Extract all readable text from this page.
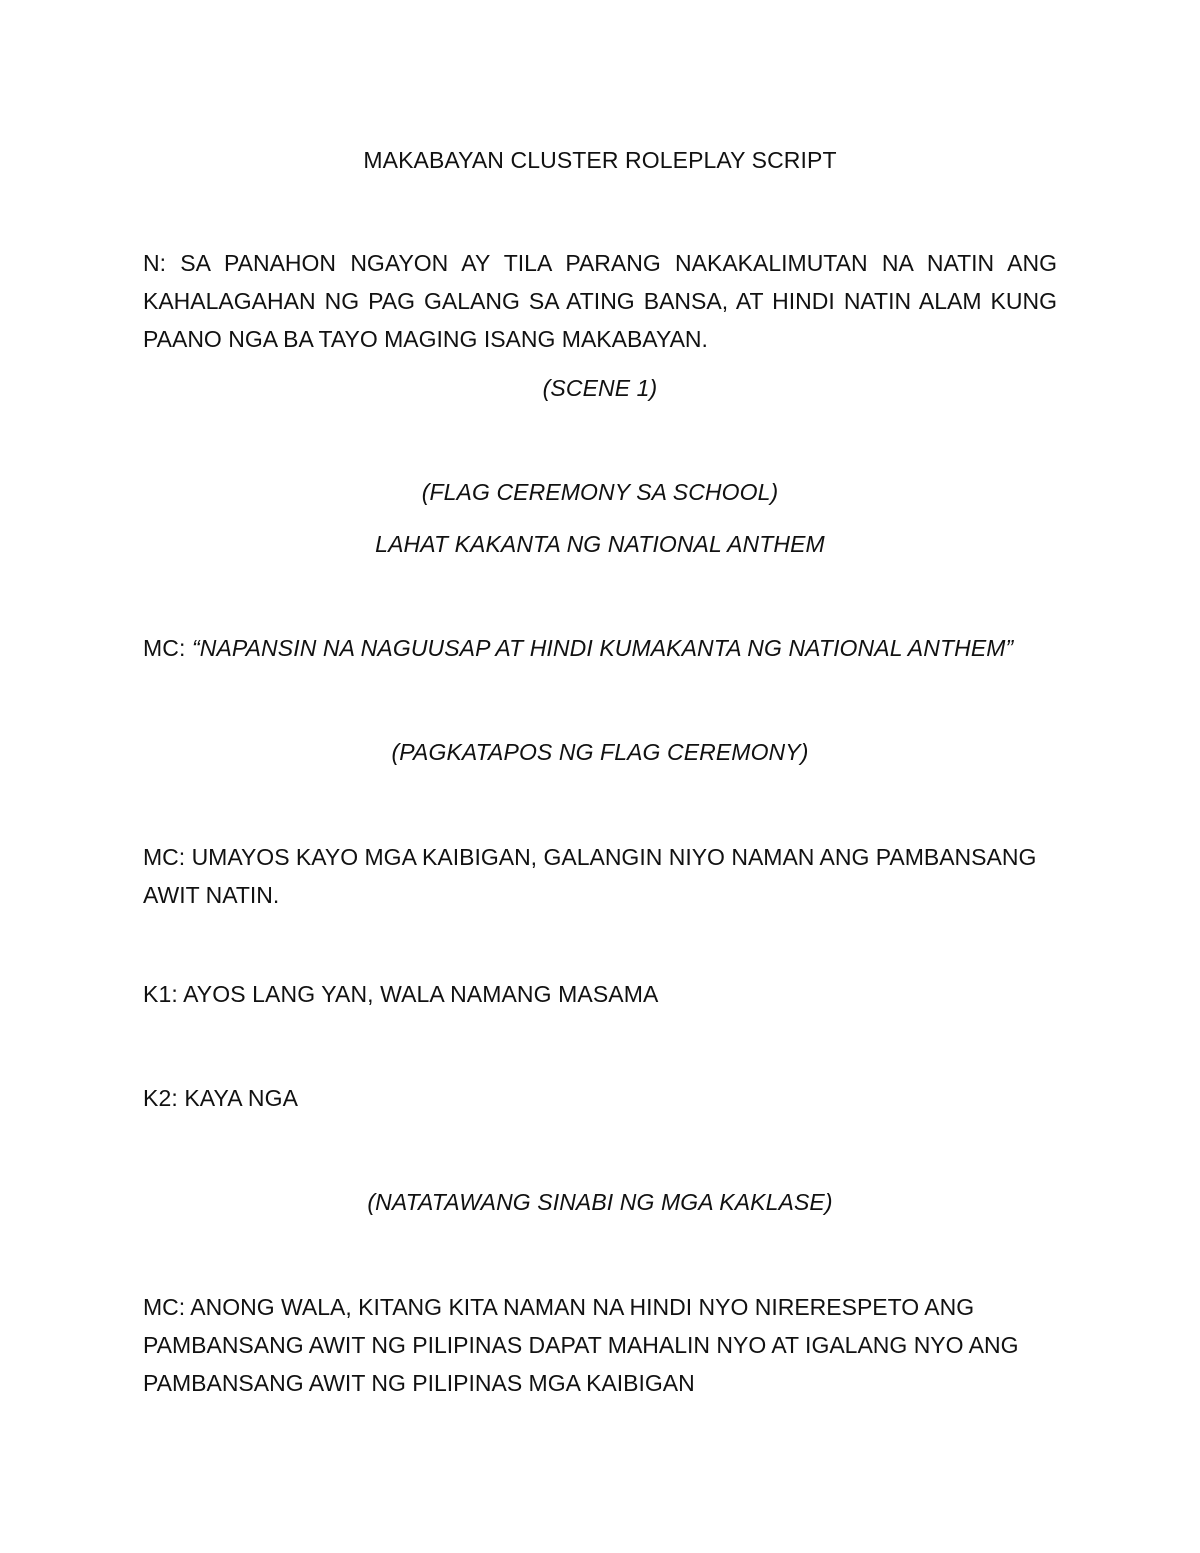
MAKABAYAN CLUSTER ROLEPLAY SCRIPT
N: SA PANAHON NGAYON AY TILA PARANG NAKAKALIMUTAN NA NATIN ANG KAHALAGAHAN NG PAG GALANG SA ATING BANSA, AT HINDI NATIN ALAM KUNG PAANO NGA BA TAYO MAGING ISANG MAKABAYAN.
(SCENE 1)
(FLAG CEREMONY SA SCHOOL)
LAHAT KAKANTA NG NATIONAL ANTHEM
MC: “NAPANSIN NA NAGUUSAP AT HINDI KUMAKANTA NG NATIONAL ANTHEM”
(PAGKATAPOS NG FLAG CEREMONY)
MC: UMAYOS KAYO MGA KAIBIGAN, GALANGIN NIYO NAMAN ANG PAMBANSANG AWIT NATIN.
K1: AYOS LANG YAN, WALA NAMANG MASAMA
K2: KAYA NGA
(NATATAWANG SINABI NG MGA KAKLASE)
MC: ANONG WALA, KITANG KITA NAMAN NA HINDI NYO NIRERESPETO ANG PAMBANSANG AWIT NG PILIPINAS DAPAT MAHALIN NYO AT IGALANG NYO ANG PAMBANSANG AWIT NG PILIPINAS MGA KAIBIGAN
